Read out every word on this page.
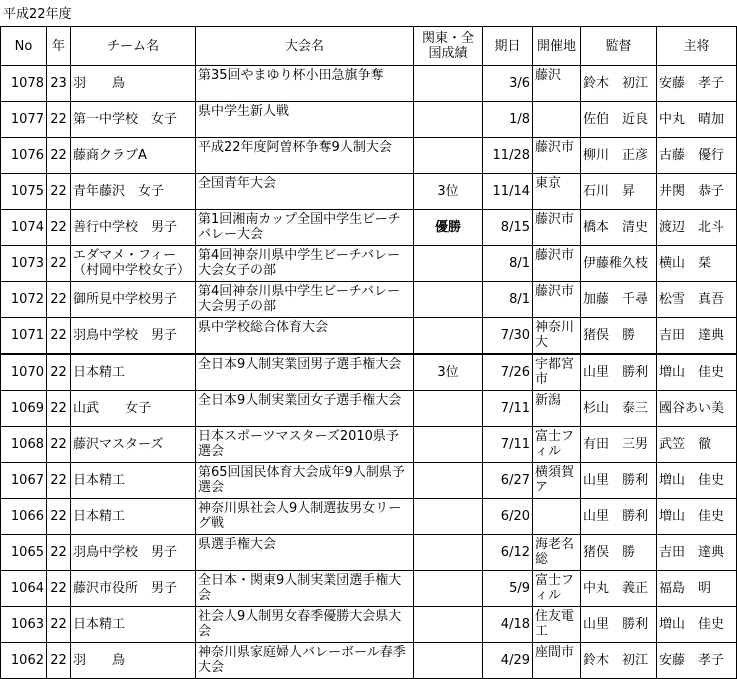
平成22年度
No	年	チーム名	大会名	関東・全国成績	期日	開催地	監督	主将
1078	23	羽　　鳥	第35回やまゆり杯小田急旗争奪		3/6	藤沢	鈴木　初江	安藤　孝子
1077	22	第一中学校　女子	県中学生新人戦		1/8		佐伯　近良	中丸　晴加
1076	22	藤商クラブA	平成22年度阿曽杯争奪9人制大会		11/28	藤沢市	柳川　正彦	古藤　優行
1075	22	青年藤沢　女子	全国青年大会	3位	11/14	東京	石川　昇	井関　恭子
1074	22	善行中学校　男子	第1回湘南カップ全国中学生ビーチバレー大会	優勝	8/15	藤沢市	橋本　清史	渡辺　北斗
1073	22	エダマメ・フィー（村岡中学校女子）	第4回神奈川県中学生ビーチバレー大会女子の部		8/1	藤沢市	伊藤稚久枝	横山　栞
1072	22	御所見中学校男子	第4回神奈川県中学生ビーチバレー大会男子の部		8/1	藤沢市	加藤　千尋	松雪　真吾
1071	22	羽鳥中学校　男子	県中学校総合体育大会		7/30	神奈川大	猪俣　勝	吉田　達典
1070	22	日本精工	全日本9人制実業団男子選手権大会	3位	7/26	宇都宮市	山里　勝利	増山　佳史
1069	22	山武　　女子	全日本9人制実業団女子選手権大会		7/11	新潟	杉山　泰三	國谷あい美
1068	22	藤沢マスターズ	日本スポーツマスターズ2010県予選会		7/11	富士フィル	有田　三男	武笠　徹
1067	22	日本精工	第65回国民体育大会成年9人制県予選会		6/27	横須賀ア	山里　勝利	増山　佳史
1066	22	日本精工	神奈川県社会人9人制選抜男女リーグ戦		6/20		山里　勝利	増山　佳史
1065	22	羽鳥中学校　男子	県選手権大会		6/12	海老名総	猪俣　勝	吉田　達典
1064	22	藤沢市役所　男子	全日本・関東9人制実業団選手権大会		5/9	富士フィル	中丸　義正	福島　明
1063	22	日本精工	社会人9人制男女春季優勝大会県大会		4/18	住友電工	山里　勝利	増山　佳史
1062	22	羽　　鳥	神奈川県家庭婦人バレーボール春季大会		4/29	座間市	鈴木　初江	安藤　孝子
